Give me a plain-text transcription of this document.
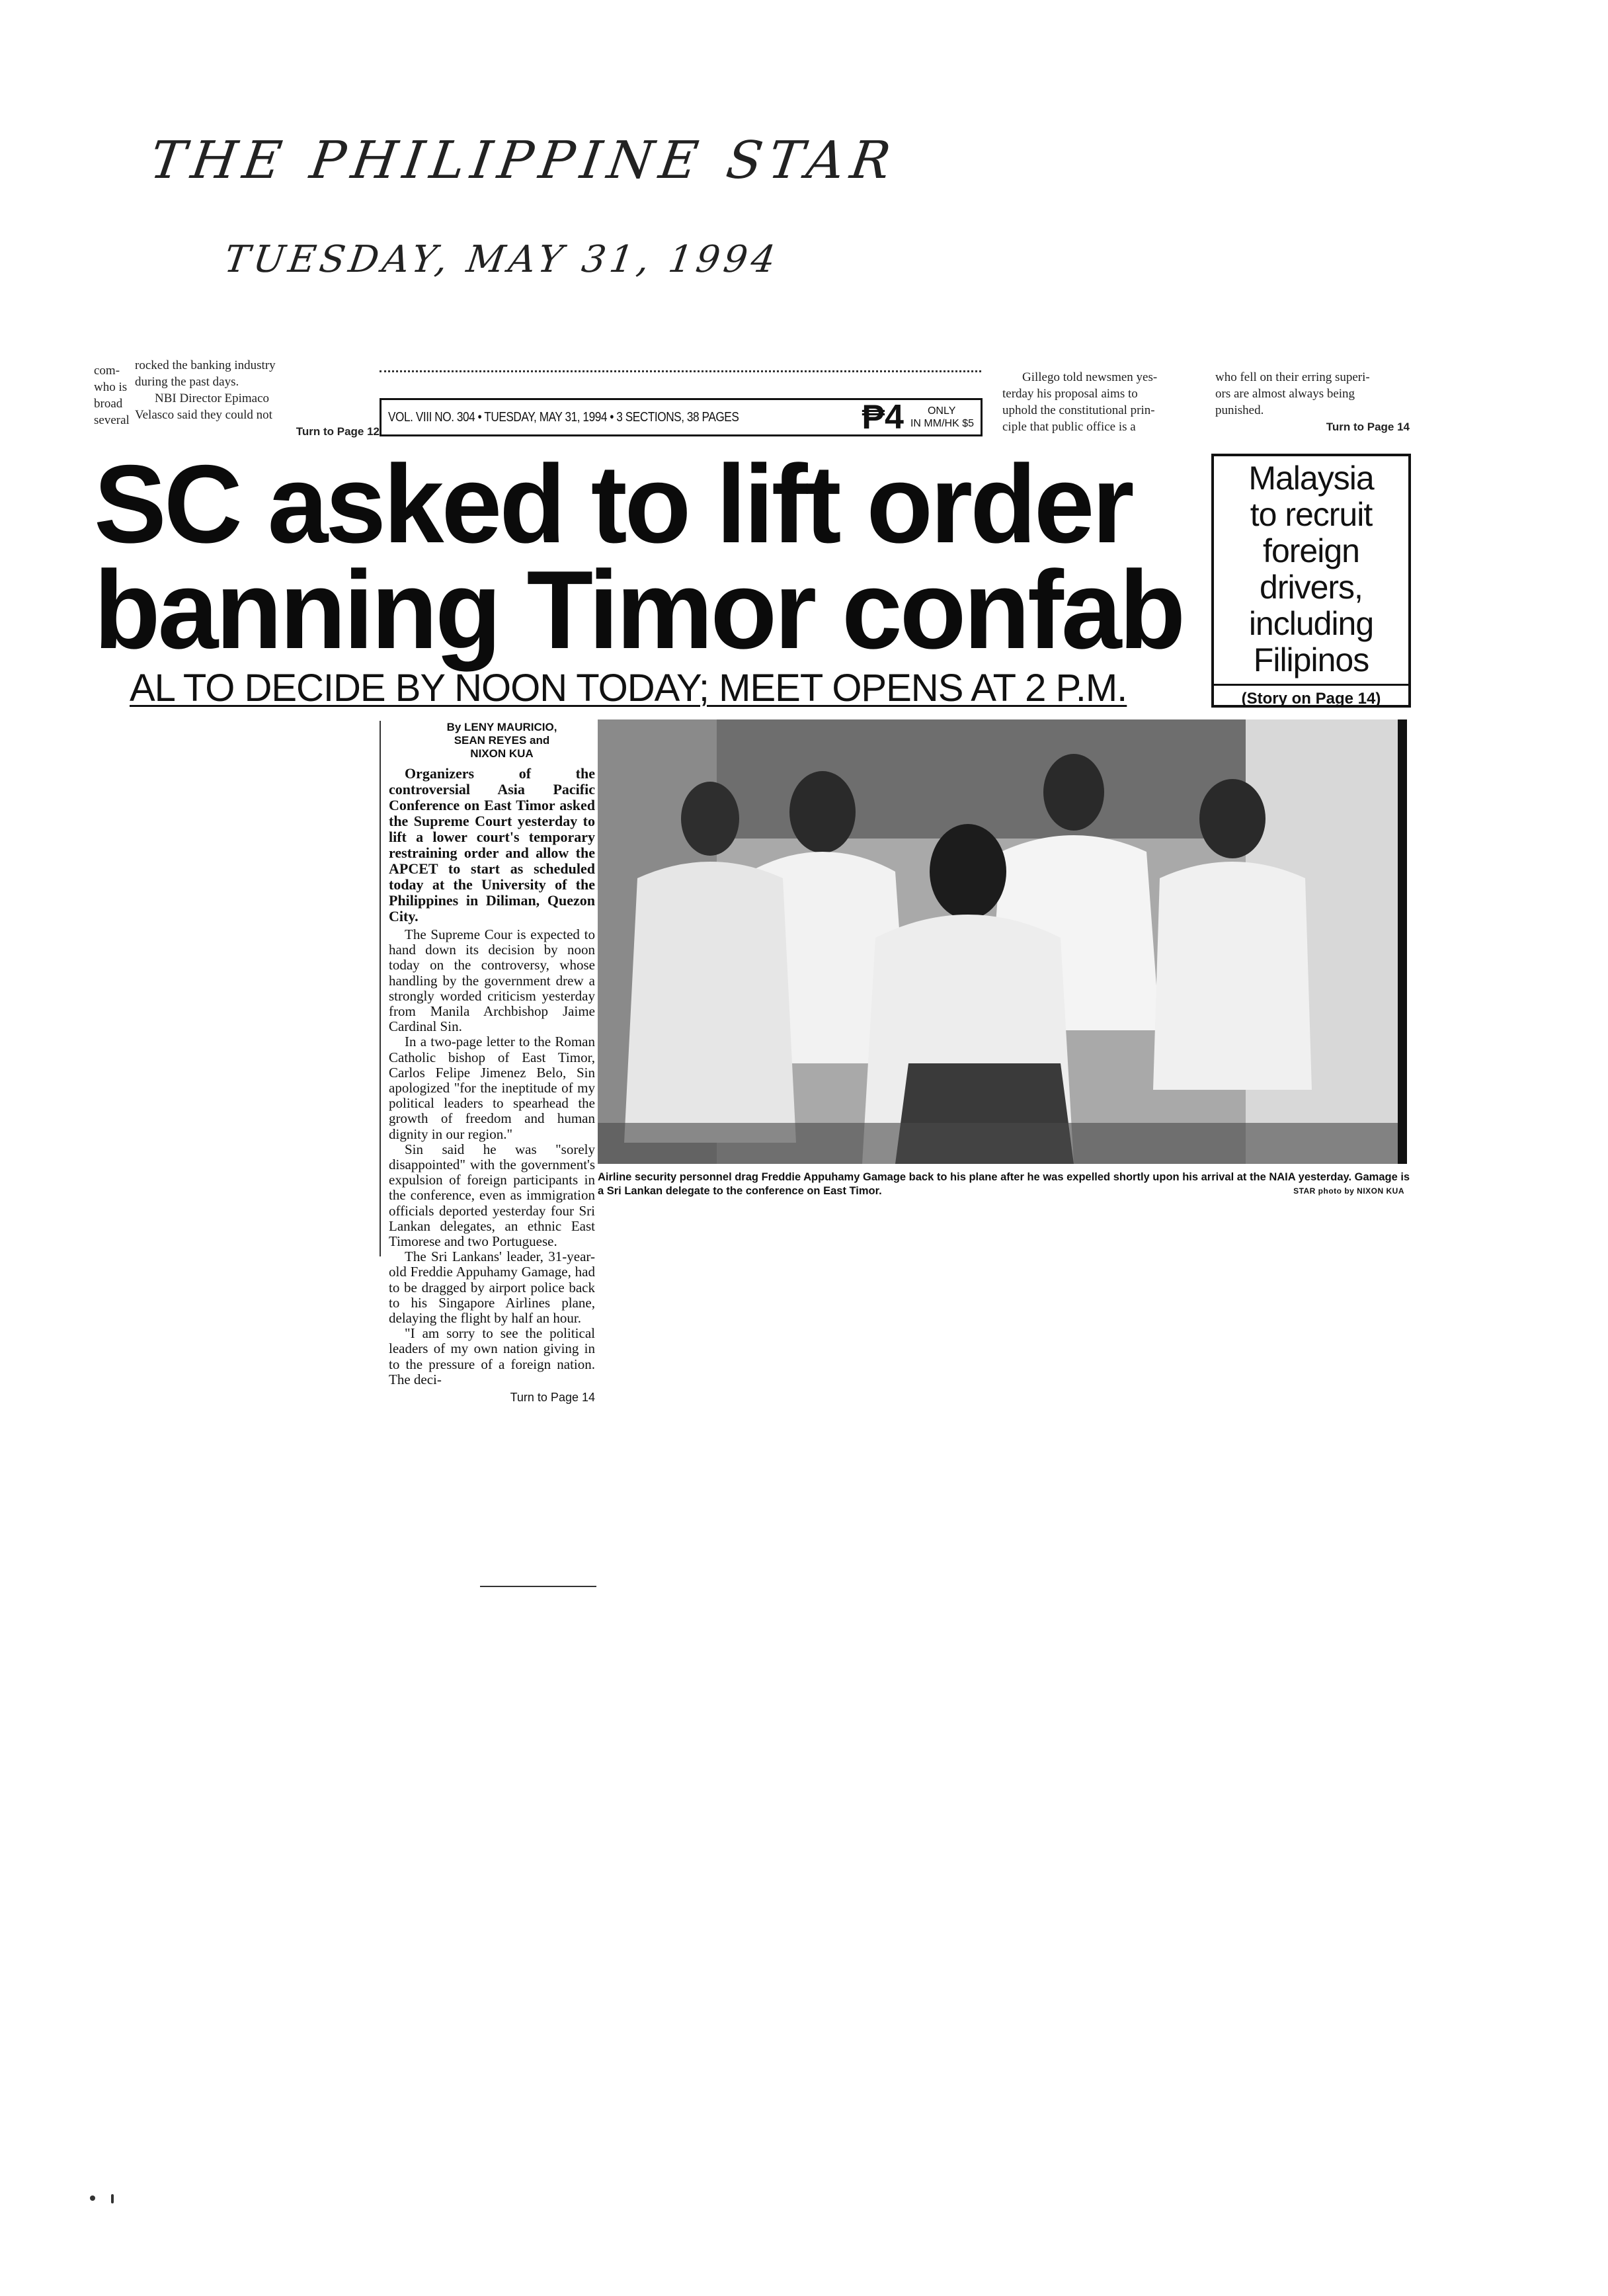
THE PHILIPPINE STAR
TUESDAY, MAY 31, 1994
com-
who is
broad
several
rocked the banking industry
during the past days.
NBI Director Epimaco
Velasco said they could not
Turn to Page 12
Gillego told newsmen yes-
terday his proposal aims to
uphold the constitutional prin-
ciple that public office is a
who fell on their erring superi-
ors are almost always being
punished.
Turn to Page 14
VOL. VIII NO. 304 • TUESDAY, MAY 31, 1994 • 3 SECTIONS, 38 PAGES	₱4	ONLY
IN MM/HK $5
SC asked to lift order
banning Timor confab
AL TO DECIDE BY NOON TODAY; MEET OPENS AT 2 P.M.
Malaysia
to recruit
foreign
drivers,
including
Filipinos
(Story on Page 14)
By LENY MAURICIO,
SEAN REYES and
NIXON KUA

Organizers of the controversial Asia Pacific Conference on East Timor asked the Supreme Court yesterday to lift a lower court's temporary restraining order and allow the APCET to start as scheduled today at the University of the Philippines in Diliman, Quezon City.

The Supreme Cour is expected to hand down its decision by noon today on the controversy, whose handling by the government drew a strongly worded criticism yesterday from Manila Archbishop Jaime Cardinal Sin.

In a two-page letter to the Roman Catholic bishop of East Timor, Carlos Felipe Jimenez Belo, Sin apologized "for the ineptitude of my political leaders to spearhead the growth of freedom and human dignity in our region."

Sin said he was "sorely disappointed" with the government's expulsion of foreign participants in the conference, even as immigration officials deported yesterday four Sri Lankan delegates, an ethnic East Timorese and two Portuguese.

The Sri Lankans' leader, 31-year-old Freddie Appuhamy Gamage, had to be dragged by airport police back to his Singapore Airlines plane, delaying the flight by half an hour.

"I am sorry to see the political leaders of my own nation giving in to the pressure of a foreign nation. The deci-

Turn to Page 14
Airline security personnel drag Freddie Appuhamy Gamage back to his plane after he was expelled shortly upon his arrival at the NAIA yesterday. Gamage is a Sri Lankan delegate to the conference on East Timor.	STAR photo by NIXON KUA
